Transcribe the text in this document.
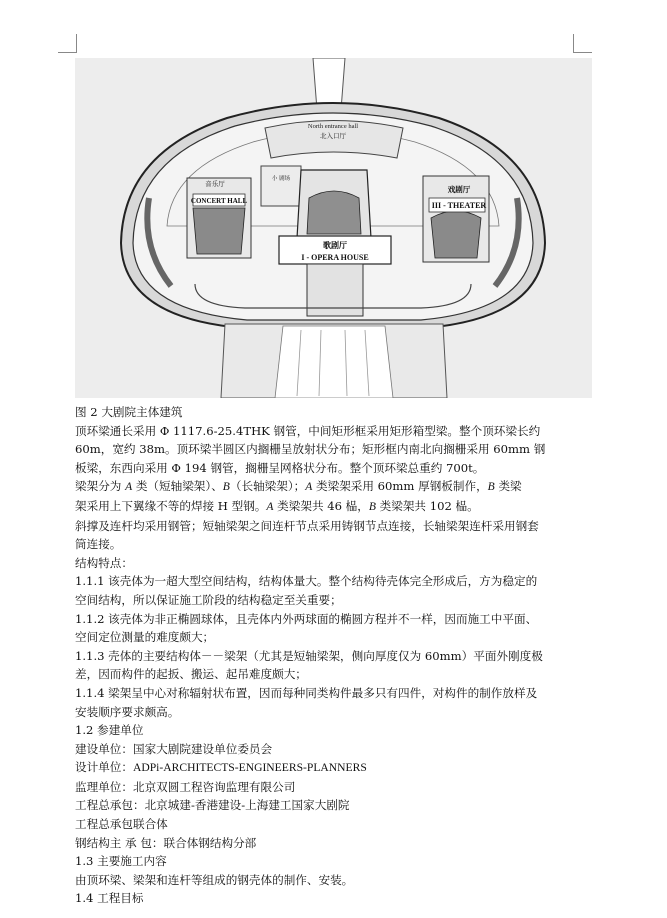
North entrance hall
北入口厅
音乐厅
CONCERT HALL
小 剧场
歌剧厅
I - OPERA HOUSE
戏剧厅
III - THEATER

图 2 大剧院主体建筑

顶环梁通长采用 Φ 1117.6-25.4THK 钢管，中间矩形框采用矩形箱型梁。整个顶环梁长约

60m，宽约 38m。顶环梁半圆区内搁栅呈放射状分布；矩形框内南北向搁栅采用 60mm 钢

板梁，东西向采用 Φ 194 钢管，搁栅呈网格状分布。整个顶环梁总重约 700t。

梁架分为 A 类（短轴梁架）、B（长轴梁架）；A 类梁架采用 60mm 厚钢板制作，B 类梁

架采用上下翼缘不等的焊接 H 型钢。A 类梁架共 46 榀，B 类梁架共 102 榀。

斜撑及连杆均采用钢管；短轴梁架之间连杆节点采用铸钢节点连接，长轴梁架连杆采用钢套

筒连接。

结构特点：

1.1.1 该壳体为一超大型空间结构，结构体量大。整个结构待壳体完全形成后，方为稳定的

空间结构，所以保证施工阶段的结构稳定至关重要；

1.1.2 该壳体为非正椭圆球体，且壳体内外两球面的椭圆方程并不一样，因而施工中平面、

空间定位测量的难度颇大；

1.1.3 壳体的主要结构体－－梁架（尤其是短轴梁架，侧向厚度仅为 60mm）平面外刚度极

差，因而构件的起扳、搬运、起吊难度颇大；

1.1.4 梁架呈中心对称辐射状布置，因而每种同类构件最多只有四件，对构件的制作放样及

安装顺序要求颇高。

1.2 参建单位

建设单位：国家大剧院建设单位委员会

设计单位：ADPi-ARCHITECTS-ENGINEERS-PLANNERS

监理单位：北京双圆工程咨询监理有限公司

工程总承包：北京城建-香港建设-上海建工国家大剧院

工程总承包联合体

钢结构主 承 包：联合体钢结构分部

1.3 主要施工内容

由顶环梁、梁架和连杆等组成的钢壳体的制作、安装。

1.4 工程目标
